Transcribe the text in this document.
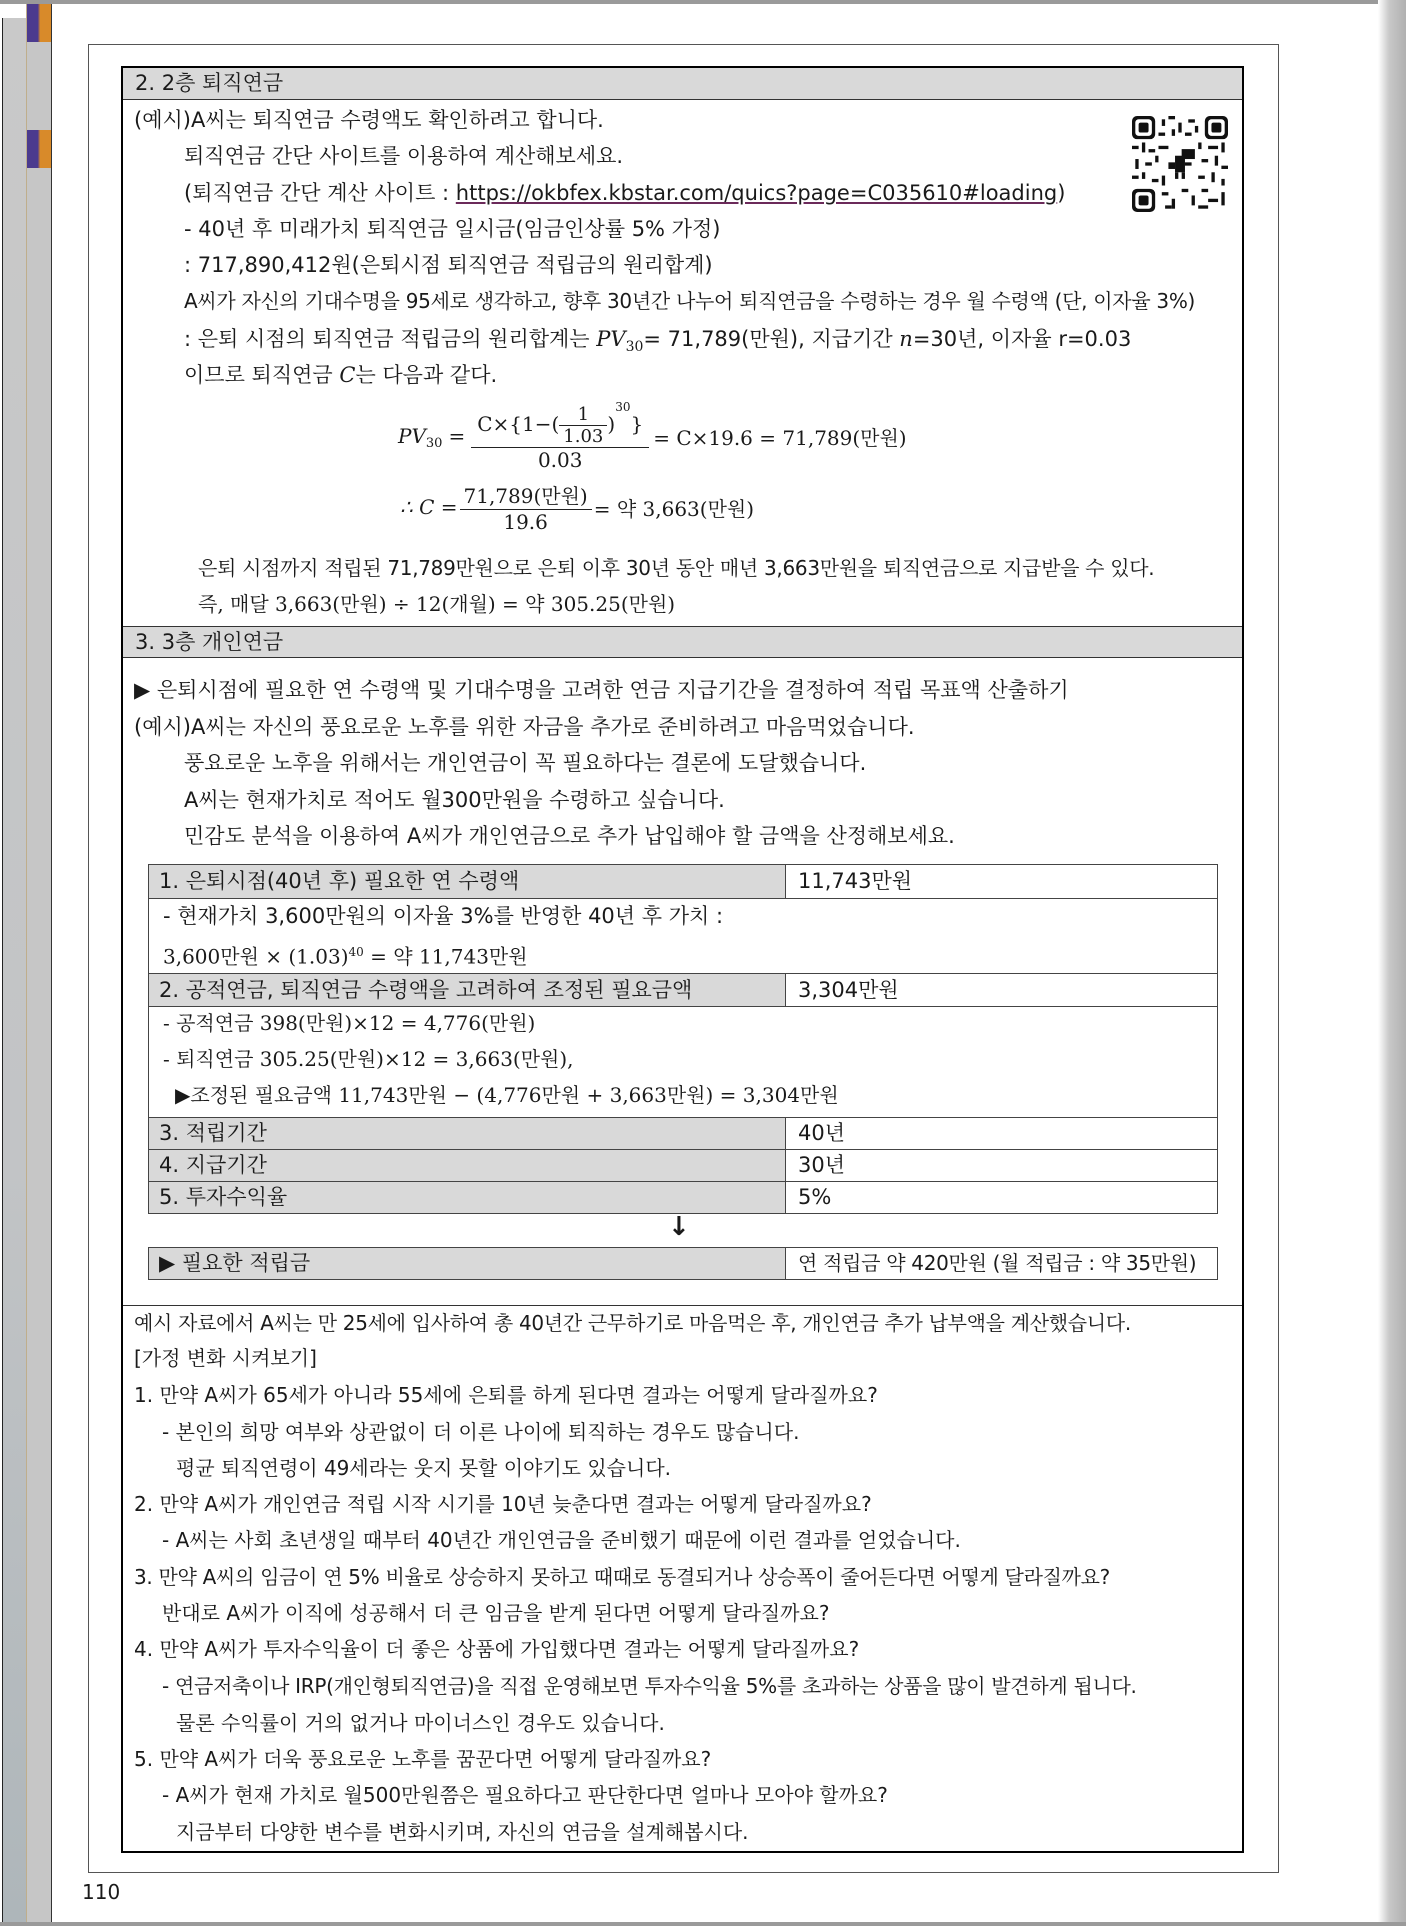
2. 2층 퇴직연금
(예시)A씨는 퇴직연금 수령액도 확인하려고 합니다.
퇴직연금 간단 사이트를 이용하여 계산해보세요.
(퇴직연금 간단 계산 사이트 : https://okbfex.kbstar.com/quics?page=C035610#loading)
- 40년 후 미래가치 퇴직연금 일시금(임금인상률 5% 가정)
: 717,890,412원(은퇴시점 퇴직연금 적립금의 원리합계)
A씨가 자신의 기대수명을 95세로 생각하고, 향후 30년간 나누어 퇴직연금을 수령하는 경우 월 수령액 (단, 이자율 3%)
: 은퇴 시점의 퇴직연금 적립금의 원리합계는 $PV_{30}= 71,789$(만원), 지급기간 n=30년, 이자율 r=0.03
이므로 퇴직연금 C는 다음과 같다.
$PV_{30} = \frac{C\times\{1-( \frac{1}{1.03} )^{30}\}}{0.03} = C\times 19.6 = 71,789$(만원)
∴ $C = \frac{\text{71,789(만원)}}{19.6}$ = 약 3,663(만원)
은퇴 시점까지 적립된 71,789만원으로 은퇴 이후 30년 동안 매년 3,663만원을 퇴직연금으로 지급받을 수 있다.
즉, 매달 3,663(만원) ÷ 12(개월) = 약 305.25(만원)
3. 3층 개인연금
▶ 은퇴시점에 필요한 연 수령액 및 기대수명을 고려한 연금 지급기간을 결정하여 적립 목표액 산출하기
(예시)A씨는 자신의 풍요로운 노후를 위한 자금을 추가로 준비하려고 마음먹었습니다.
풍요로운 노후을 위해서는 개인연금이 꼭 필요하다는 결론에 도달했습니다.
A씨는 현재가치로 적어도 월300만원을 수령하고 싶습니다.
민감도 분석을 이용하여 A씨가 개인연금으로 추가 납입해야 할 금액을 산정해보세요.
1. 은퇴시점(40년 후) 필요한 연 수령액	11,743만원
- 현재가치 3,600만원의 이자율 3%를 반영한 40년 후 가치 :
3,600만원 × $(1.03)^{40}$ = 약 11,743만원
2. 공적연금, 퇴직연금 수령액을 고려하여 조정된 필요금액	3,304만원
- 공적연금 398(만원)×12 = 4,776(만원)
- 퇴직연금 305.25(만원)×12 = 3,663(만원),
▶조정된 필요금액 11,743만원 − (4,776만원 + 3,663만원) = 3,304만원
3. 적립기간	40년
4. 지급기간	30년
5. 투자수익율	5%
↓
▶ 필요한 적립금	연 적립금 약 420만원 (월 적립금 : 약 35만원)
예시 자료에서 A씨는 만 25세에 입사하여 총 40년간 근무하기로 마음먹은 후, 개인연금 추가 납부액을 계산했습니다.
[가정 변화 시켜보기]
1. 만약 A씨가 65세가 아니라 55세에 은퇴를 하게 된다면 결과는 어떻게 달라질까요?
- 본인의 희망 여부와 상관없이 더 이른 나이에 퇴직하는 경우도 많습니다.
평균 퇴직연령이 49세라는 웃지 못할 이야기도 있습니다.
2. 만약 A씨가 개인연금 적립 시작 시기를 10년 늦춘다면 결과는 어떻게 달라질까요?
- A씨는 사회 초년생일 때부터 40년간 개인연금을 준비했기 때문에 이런 결과를 얻었습니다.
3. 만약 A씨의 임금이 연 5% 비율로 상승하지 못하고 때때로 동결되거나 상승폭이 줄어든다면 어떻게 달라질까요?
반대로 A씨가 이직에 성공해서 더 큰 임금을 받게 된다면 어떻게 달라질까요?
4. 만약 A씨가 투자수익율이 더 좋은 상품에 가입했다면 결과는 어떻게 달라질까요?
- 연금저축이나 IRP(개인형퇴직연금)을 직접 운영해보면 투자수익율 5%를 초과하는 상품을 많이 발견하게 됩니다.
물론 수익률이 거의 없거나 마이너스인 경우도 있습니다.
5. 만약 A씨가 더욱 풍요로운 노후를 꿈꾼다면 어떻게 달라질까요?
- A씨가 현재 가치로 월500만원쯤은 필요하다고 판단한다면 얼마나 모아야 할까요?
지금부터 다양한 변수를 변화시키며, 자신의 연금을 설계해봅시다.
110
